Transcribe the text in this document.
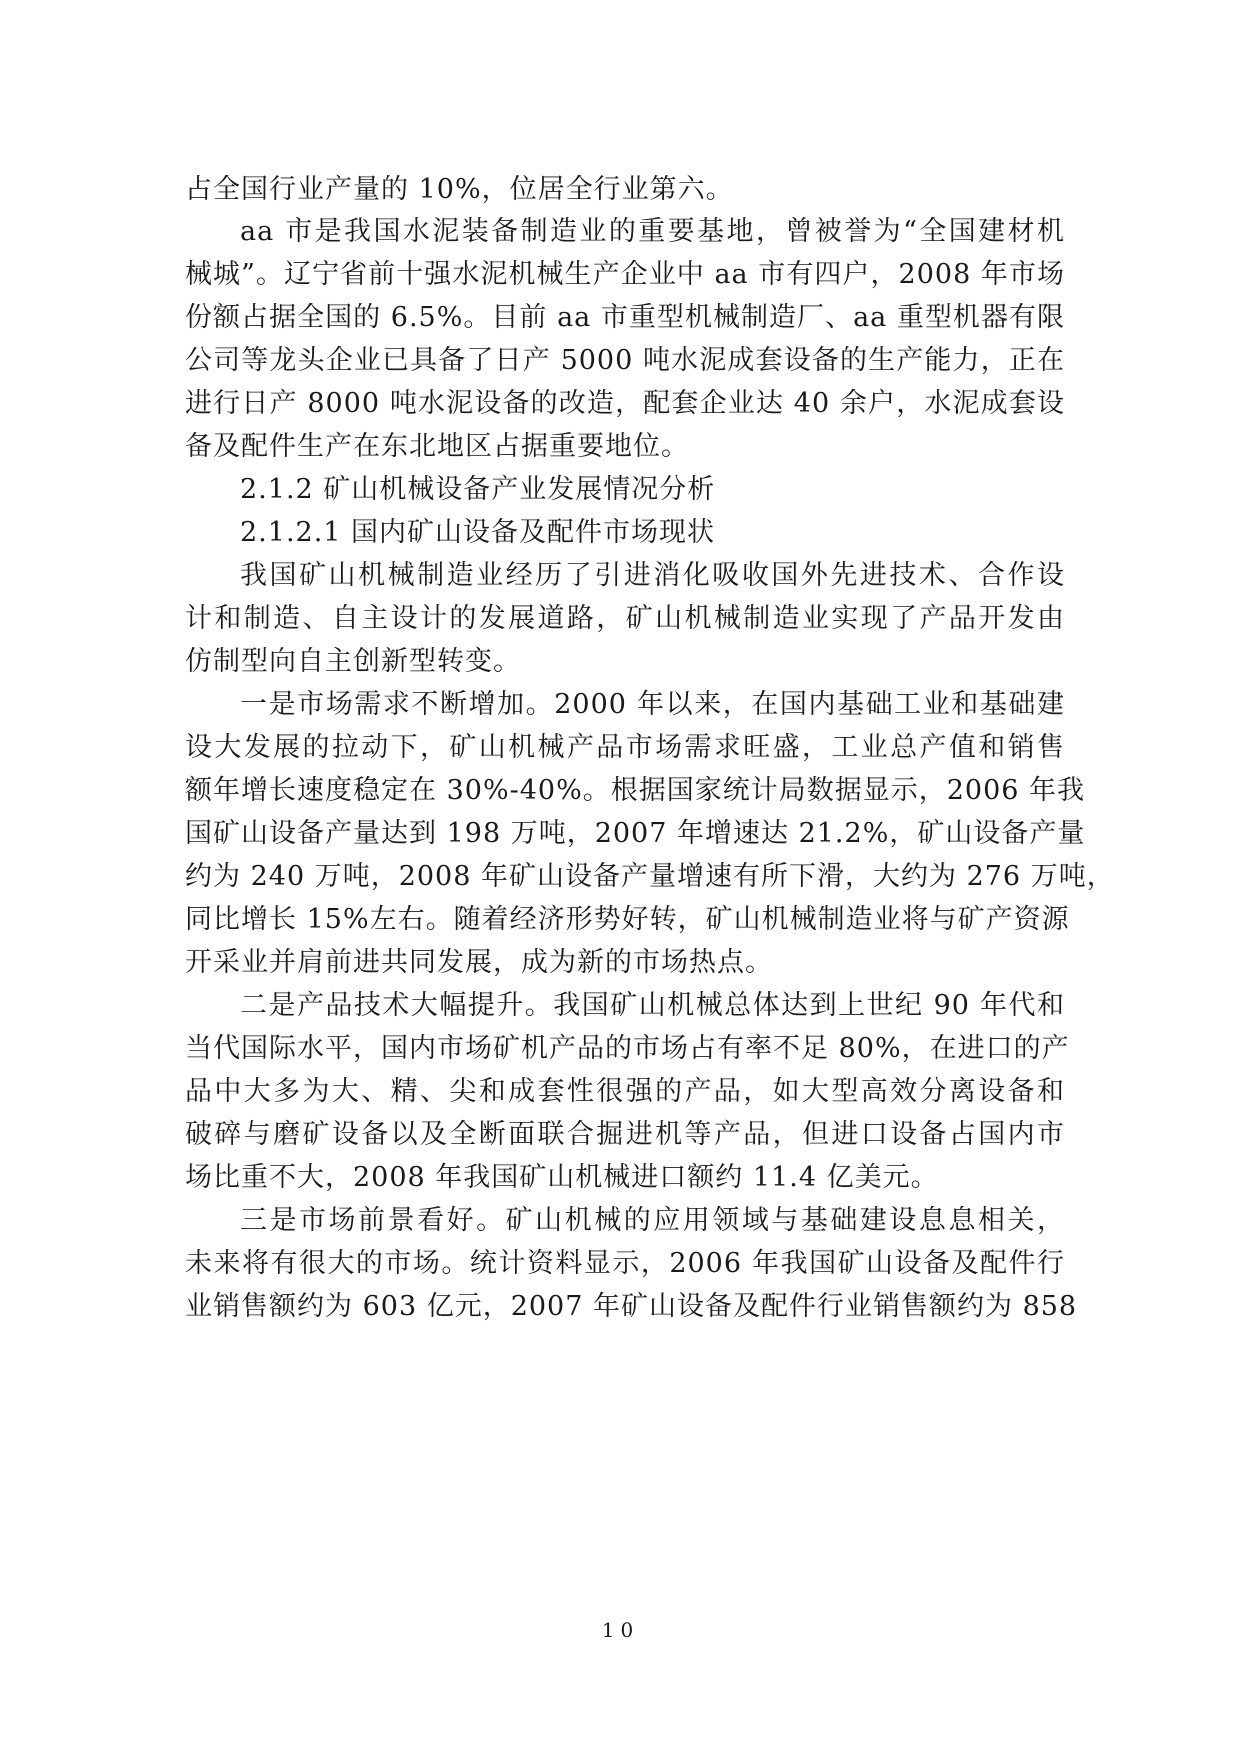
占全国行业产量的 10%，位居全行业第六。
aa 市是我国水泥装备制造业的重要基地，曾被誉为“全国建材机
械城”。辽宁省前十强水泥机械生产企业中 aa 市有四户，2008 年市场
份额占据全国的 6.5%。目前 aa 市重型机械制造厂、aa 重型机器有限
公司等龙头企业已具备了日产 5000 吨水泥成套设备的生产能力，正在
进行日产 8000 吨水泥设备的改造，配套企业达 40 余户，水泥成套设
备及配件生产在东北地区占据重要地位。
2.1.2 矿山机械设备产业发展情况分析
2.1.2.1 国内矿山设备及配件市场现状
我国矿山机械制造业经历了引进消化吸收国外先进技术、合作设
计和制造、自主设计的发展道路，矿山机械制造业实现了产品开发由
仿制型向自主创新型转变。
一是市场需求不断增加。2000 年以来，在国内基础工业和基础建
设大发展的拉动下，矿山机械产品市场需求旺盛，工业总产值和销售
额年增长速度稳定在 30%-40%。根据国家统计局数据显示，2006 年我
国矿山设备产量达到 198 万吨，2007 年增速达 21.2%，矿山设备产量
约为 240 万吨，2008 年矿山设备产量增速有所下滑，大约为 276 万吨，
同比增长 15%左右。随着经济形势好转，矿山机械制造业将与矿产资源
开采业并肩前进共同发展，成为新的市场热点。
二是产品技术大幅提升。我国矿山机械总体达到上世纪 90 年代和
当代国际水平，国内市场矿机产品的市场占有率不足 80%，在进口的产
品中大多为大、精、尖和成套性很强的产品，如大型高效分离设备和
破碎与磨矿设备以及全断面联合掘进机等产品，但进口设备占国内市
场比重不大，2008 年我国矿山机械进口额约 11.4 亿美元。
三是市场前景看好。矿山机械的应用领域与基础建设息息相关，
未来将有很大的市场。统计资料显示，2006 年我国矿山设备及配件行
业销售额约为 603 亿元，2007 年矿山设备及配件行业销售额约为 858
10
